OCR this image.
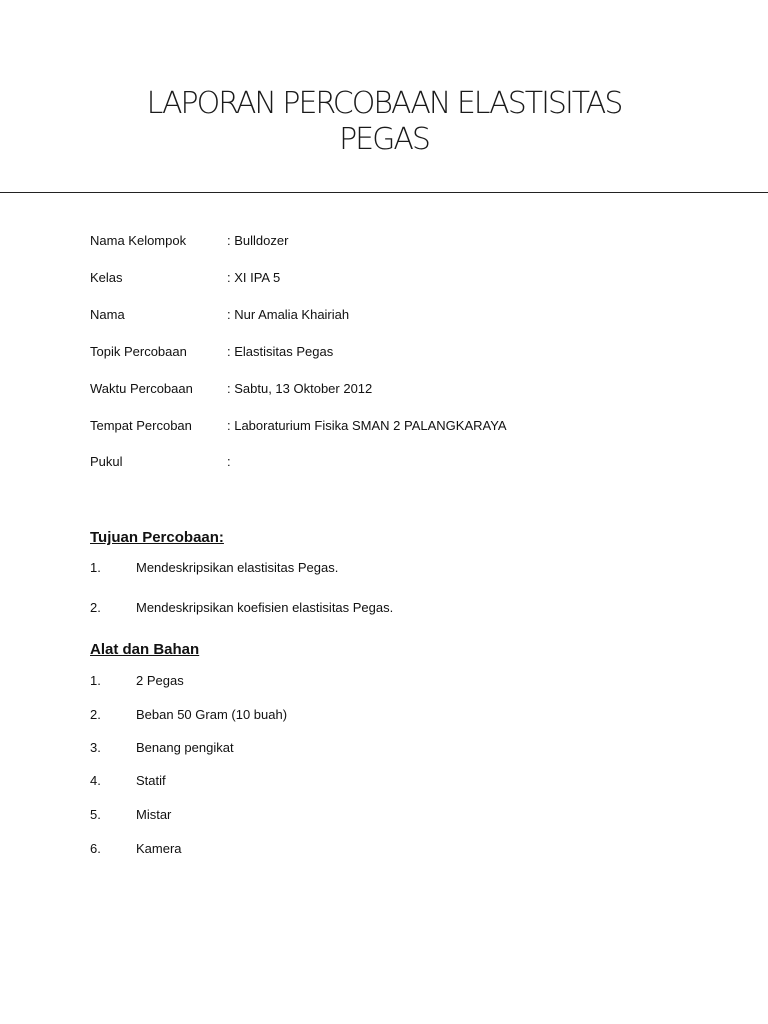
LAPORAN PERCOBAAN ELASTISITAS
PEGAS
Nama Kelompok	: Bulldozer
Kelas	: XI IPA 5
Nama	: Nur Amalia Khairiah
Topik Percobaan	: Elastisitas Pegas
Waktu Percobaan	: Sabtu, 13 Oktober 2012
Tempat Percoban	: Laboraturium Fisika SMAN 2 PALANGKARAYA
Pukul	:
Tujuan Percobaan:
1.	Mendeskripsikan elastisitas Pegas.
2.	Mendeskripsikan koefisien elastisitas Pegas.
Alat dan Bahan
1.	2 Pegas
2.	Beban 50 Gram (10 buah)
3.	Benang pengikat
4.	Statif
5.	Mistar
6.	Kamera
